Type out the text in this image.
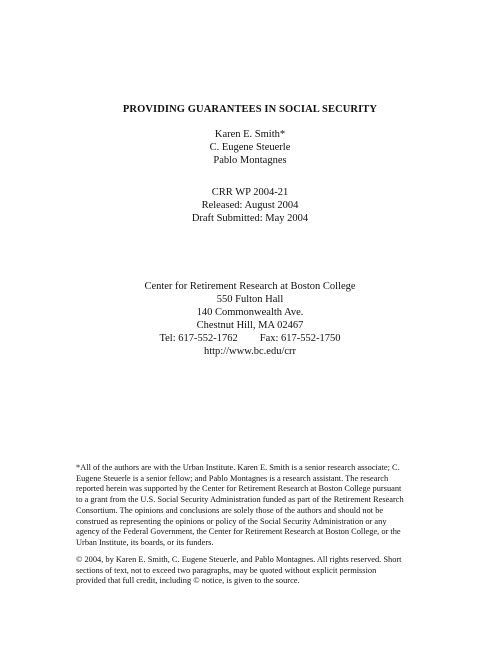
PROVIDING GUARANTEES IN SOCIAL SECURITY
Karen E. Smith*
C. Eugene Steuerle
Pablo Montagnes
CRR WP 2004-21
Released: August 2004
Draft Submitted: May 2004
Center for Retirement Research at Boston College
550 Fulton Hall
140 Commonwealth Ave.
Chestnut Hill, MA 02467
Tel: 617-552-1762 Fax: 617-552-1750
http://www.bc.edu/crr
*All of the authors are with the Urban Institute. Karen E. Smith is a senior research associate; C.
Eugene Steuerle is a senior fellow; and Pablo Montagnes is a research assistant. The research
reported herein was supported by the Center for Retirement Research at Boston College pursuant
to a grant from the U.S. Social Security Administration funded as part of the Retirement Research
Consortium. The opinions and conclusions are solely those of the authors and should not be
construed as representing the opinions or policy of the Social Security Administration or any
agency of the Federal Government, the Center for Retirement Research at Boston College, or the
Urban Institute, its boards, or its funders.
© 2004, by Karen E. Smith, C. Eugene Steuerle, and Pablo Montagnes. All rights reserved. Short
sections of text, not to exceed two paragraphs, may be quoted without explicit permission
provided that full credit, including © notice, is given to the source.
